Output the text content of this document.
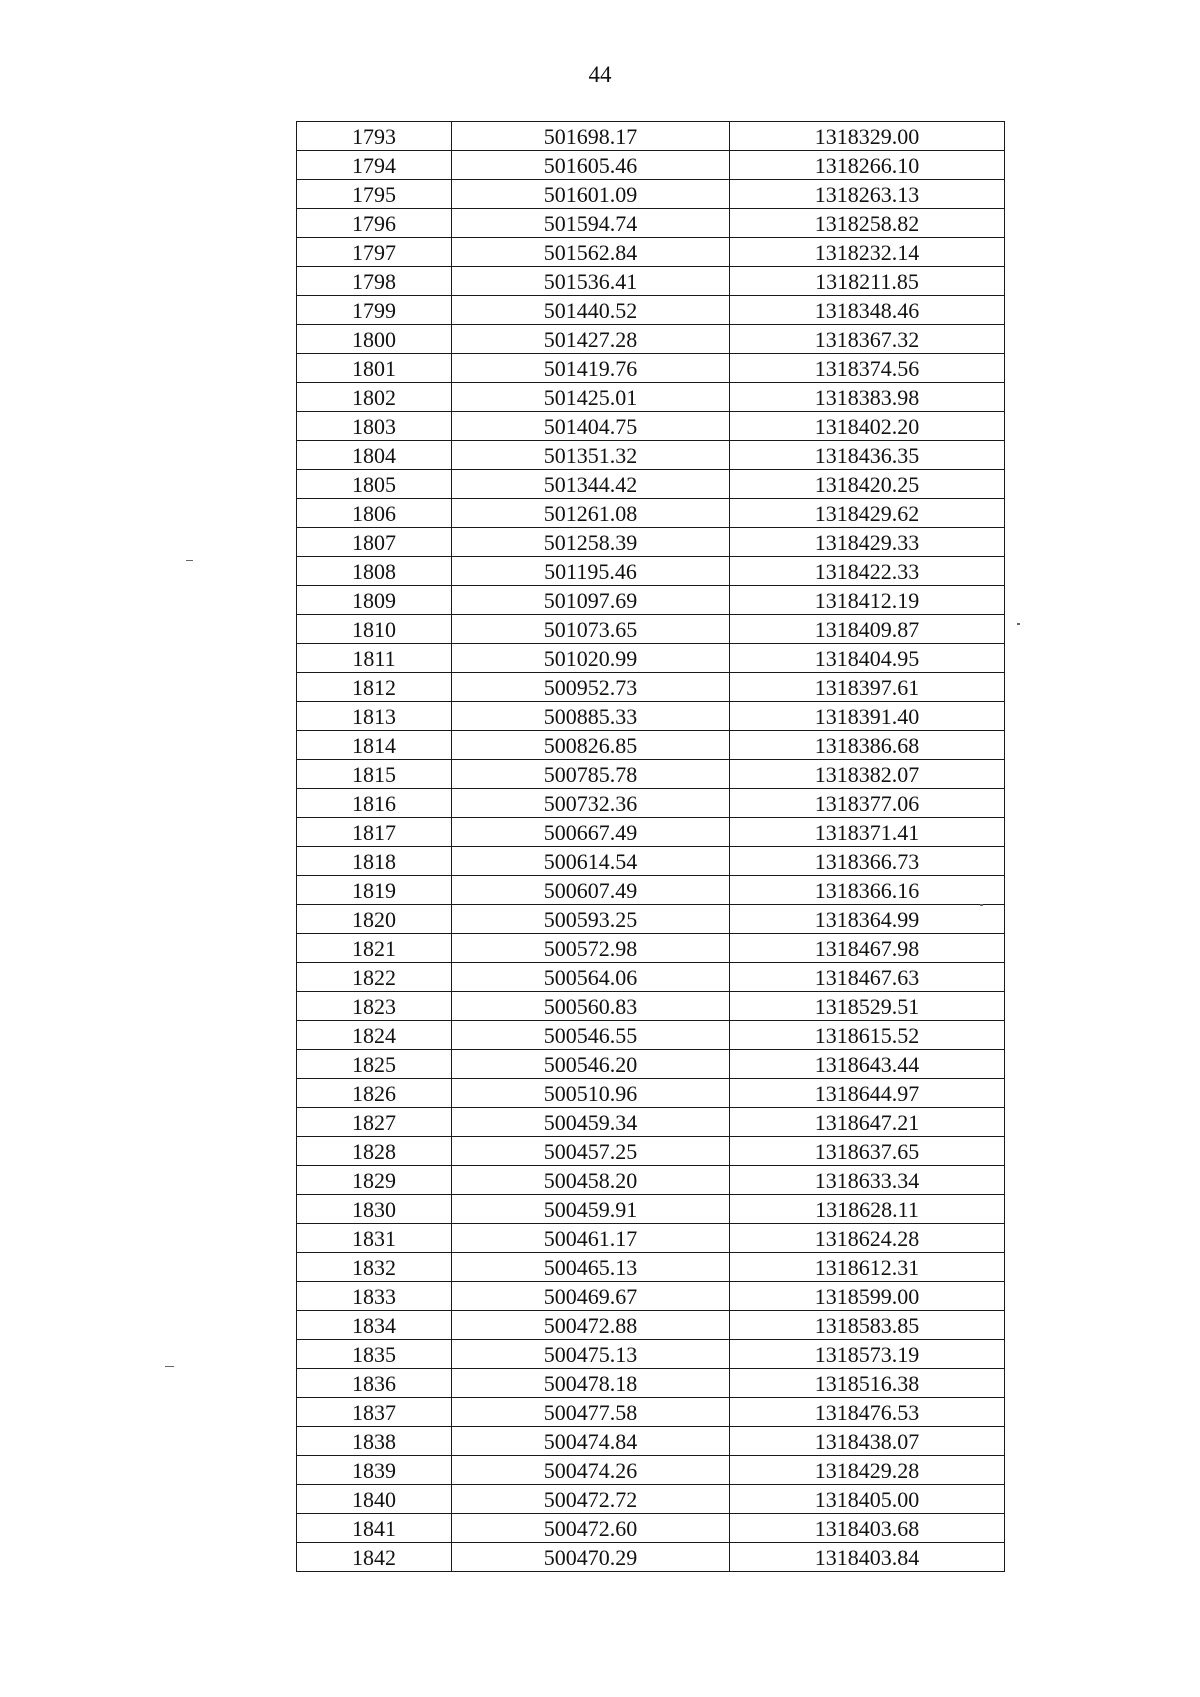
44
1793	501698.17	1318329.00
1794	501605.46	1318266.10
1795	501601.09	1318263.13
1796	501594.74	1318258.82
1797	501562.84	1318232.14
1798	501536.41	1318211.85
1799	501440.52	1318348.46
1800	501427.28	1318367.32
1801	501419.76	1318374.56
1802	501425.01	1318383.98
1803	501404.75	1318402.20
1804	501351.32	1318436.35
1805	501344.42	1318420.25
1806	501261.08	1318429.62
1807	501258.39	1318429.33
1808	501195.46	1318422.33
1809	501097.69	1318412.19
1810	501073.65	1318409.87
1811	501020.99	1318404.95
1812	500952.73	1318397.61
1813	500885.33	1318391.40
1814	500826.85	1318386.68
1815	500785.78	1318382.07
1816	500732.36	1318377.06
1817	500667.49	1318371.41
1818	500614.54	1318366.73
1819	500607.49	1318366.16
1820	500593.25	1318364.99
1821	500572.98	1318467.98
1822	500564.06	1318467.63
1823	500560.83	1318529.51
1824	500546.55	1318615.52
1825	500546.20	1318643.44
1826	500510.96	1318644.97
1827	500459.34	1318647.21
1828	500457.25	1318637.65
1829	500458.20	1318633.34
1830	500459.91	1318628.11
1831	500461.17	1318624.28
1832	500465.13	1318612.31
1833	500469.67	1318599.00
1834	500472.88	1318583.85
1835	500475.13	1318573.19
1836	500478.18	1318516.38
1837	500477.58	1318476.53
1838	500474.84	1318438.07
1839	500474.26	1318429.28
1840	500472.72	1318405.00
1841	500472.60	1318403.68
1842	500470.29	1318403.84
